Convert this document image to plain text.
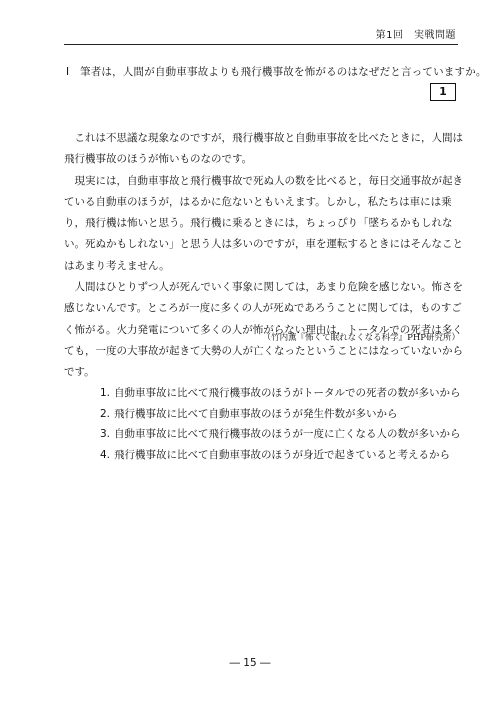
第1回　実戦問題
Ⅰ　筆者は，人間が自動車事故よりも飛行機事故を怖がるのはなぜだと言っていますか。
1

これは不思議な現象なのですが，飛行機事故と自動車事故を比べたときに，人間は飛行機事故のほうが怖いものなのです。

現実には，自動車事故と飛行機事故で死ぬ人の数を比べると，毎日交通事故が起きている自動車のほうが，はるかに危ないともいえます。しかし，私たちは車には乗り，飛行機は怖いと思う。飛行機に乗るときには，ちょっぴり「墜ちるかもしれない。死ぬかもしれない」と思う人は多いのですが，車を運転するときにはそんなことはあまり考えません。

人間はひとりずつ人が死んでいく事象に関しては，あまり危険を感じない。怖さを感じないんです。ところが一度に多くの人が死ぬであろうことに関しては，ものすごく怖がる。火力発電について多くの人が怖がらない理由は，トータルでの死者は多くても，一度の大事故が起きて大勢の人が亡くなったということにはなっていないからです。

（竹内薫『怖くて眠れなくなる科学』PHP研究所）
1. 自動車事故に比べて飛行機事故のほうがトータルでの死者の数が多いから
2. 飛行機事故に比べて自動車事故のほうが発生件数が多いから
3. 自動車事故に比べて飛行機事故のほうが一度に亡くなる人の数が多いから
4. 飛行機事故に比べて自動車事故のほうが身近で起きていると考えるから
― 15 ―
